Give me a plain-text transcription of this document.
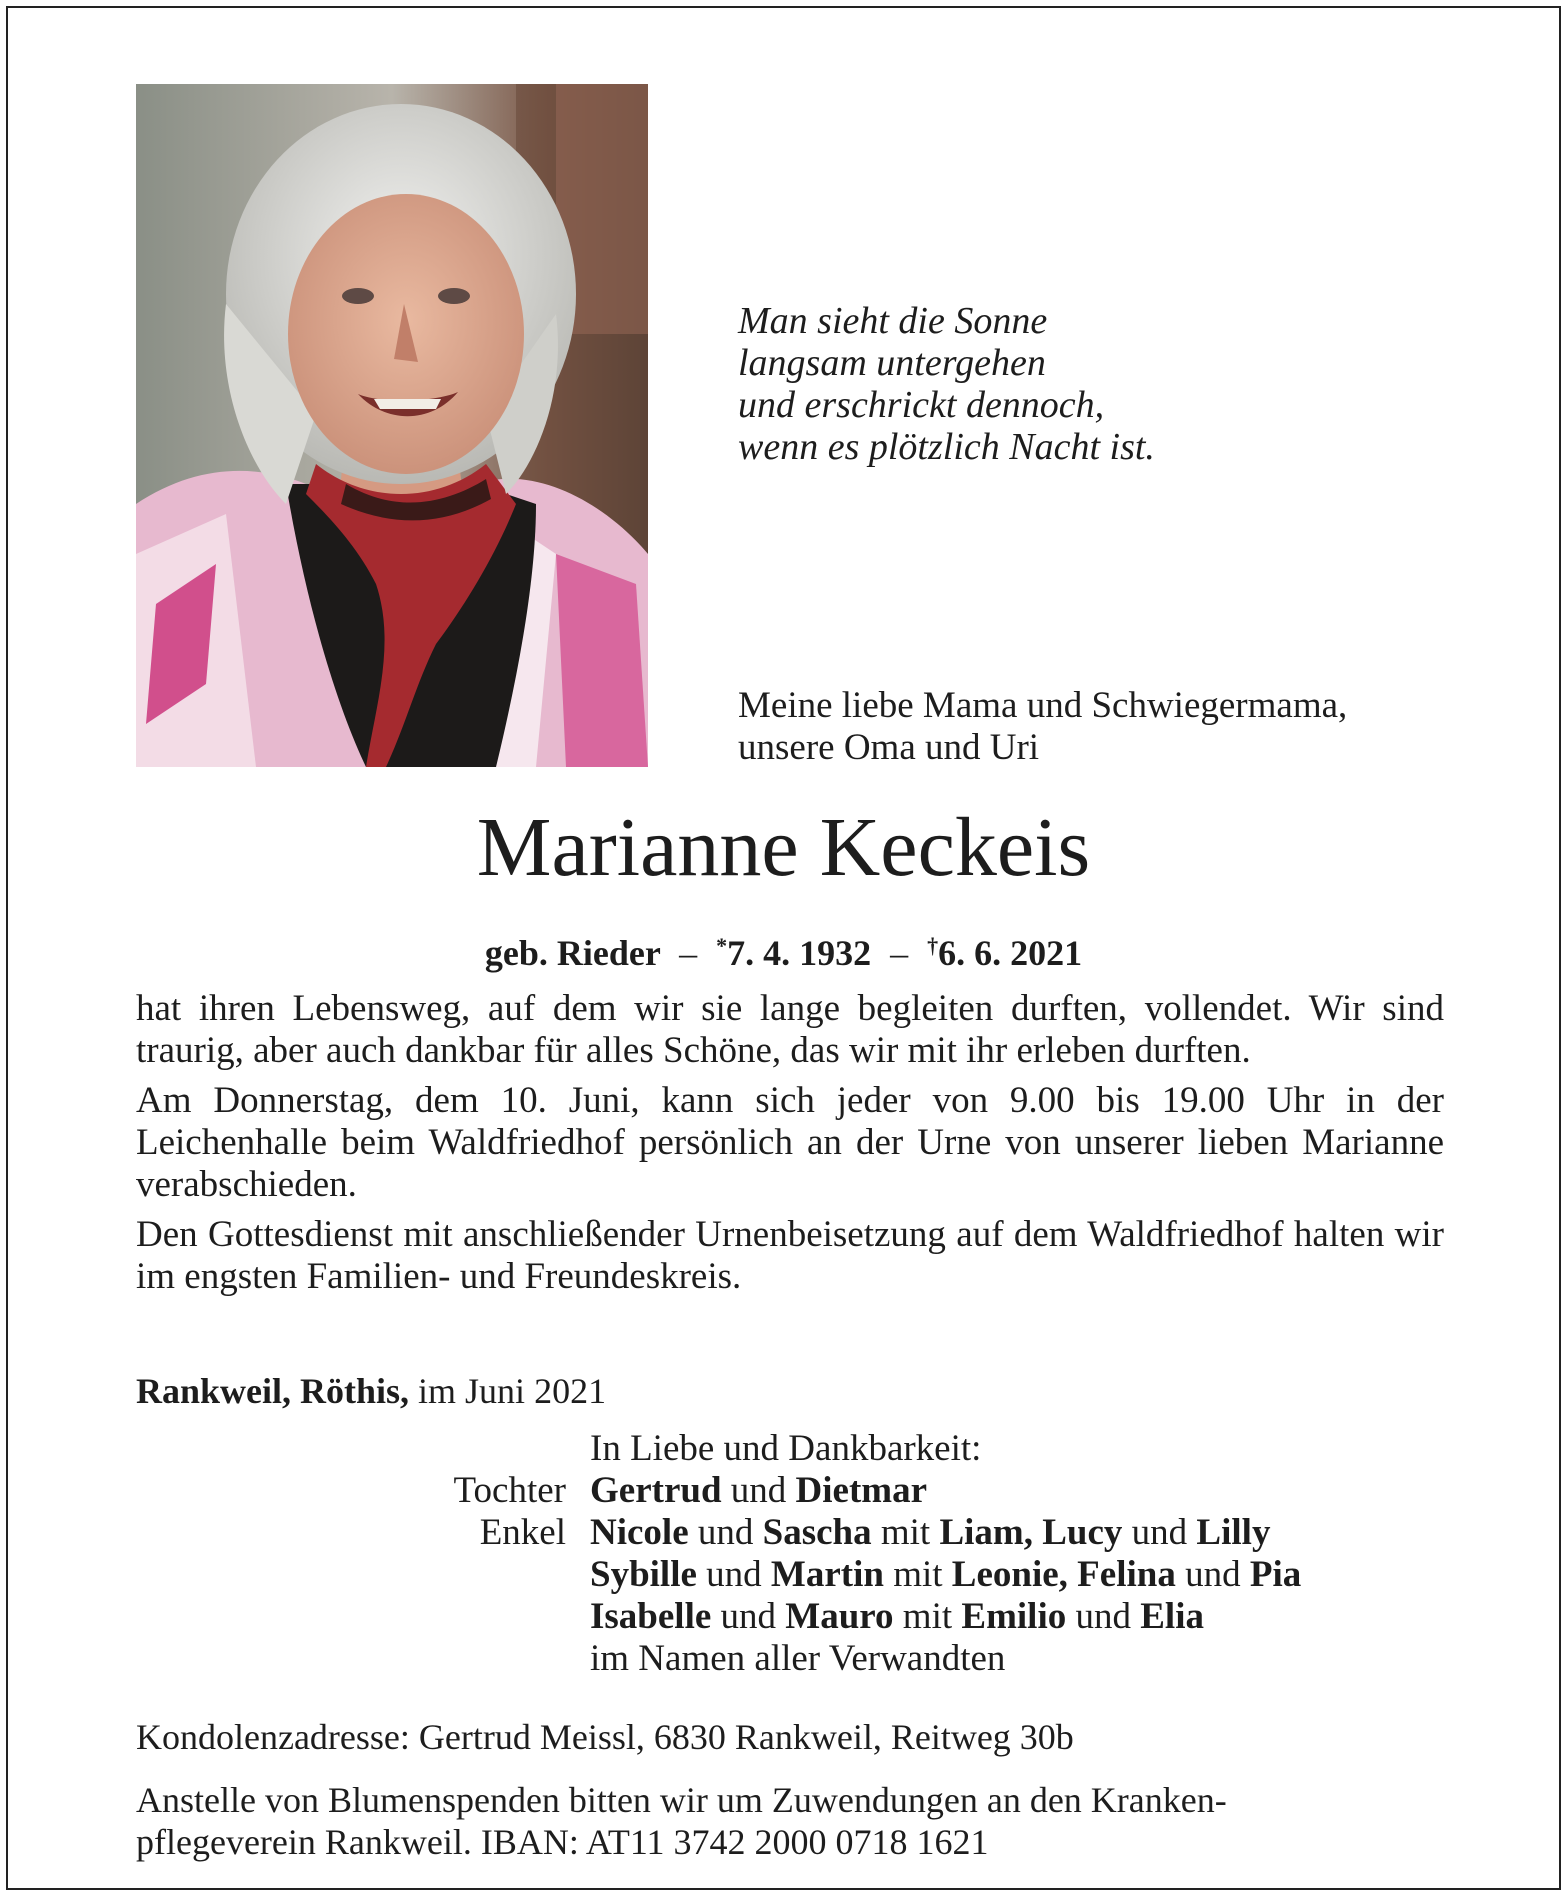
Man sieht die Sonne
langsam untergehen
und erschrickt dennoch,
wenn es plötzlich Nacht ist.
Meine liebe Mama und Schwiegermama,
unsere Oma und Uri
Marianne Keckeis
geb. Rieder – *7. 4. 1932 – †6. 6. 2021

hat ihren Lebensweg, auf dem wir sie lange begleiten durften, vollendet. Wir sind traurig, aber auch dankbar für alles Schöne, das wir mit ihr erleben durften.

Am Donnerstag, dem 10. Juni, kann sich jeder von 9.00 bis 19.00 Uhr in der Leichenhalle beim Waldfriedhof persönlich an der Urne von unserer lieben Marianne verabschieden.

Den Gottesdienst mit anschließender Urnenbeisetzung auf dem Waldfriedhof halten wir im engsten Familien- und Freundeskreis.

Rankweil, Röthis, im Juni 2021
In Liebe und Dankbarkeit:
Tochter Gertrud und Dietmar
Enkel Nicole und Sascha mit Liam, Lucy und Lilly
Sybille und Martin mit Leonie, Felina und Pia
Isabelle und Mauro mit Emilio und Elia
im Namen aller Verwandten
Kondolenzadresse: Gertrud Meissl, 6830 Rankweil, Reitweg 30b
Anstelle von Blumenspenden bitten wir um Zuwendungen an den Kranken-
pflegeverein Rankweil. IBAN: AT11 3742 2000 0718 1621
